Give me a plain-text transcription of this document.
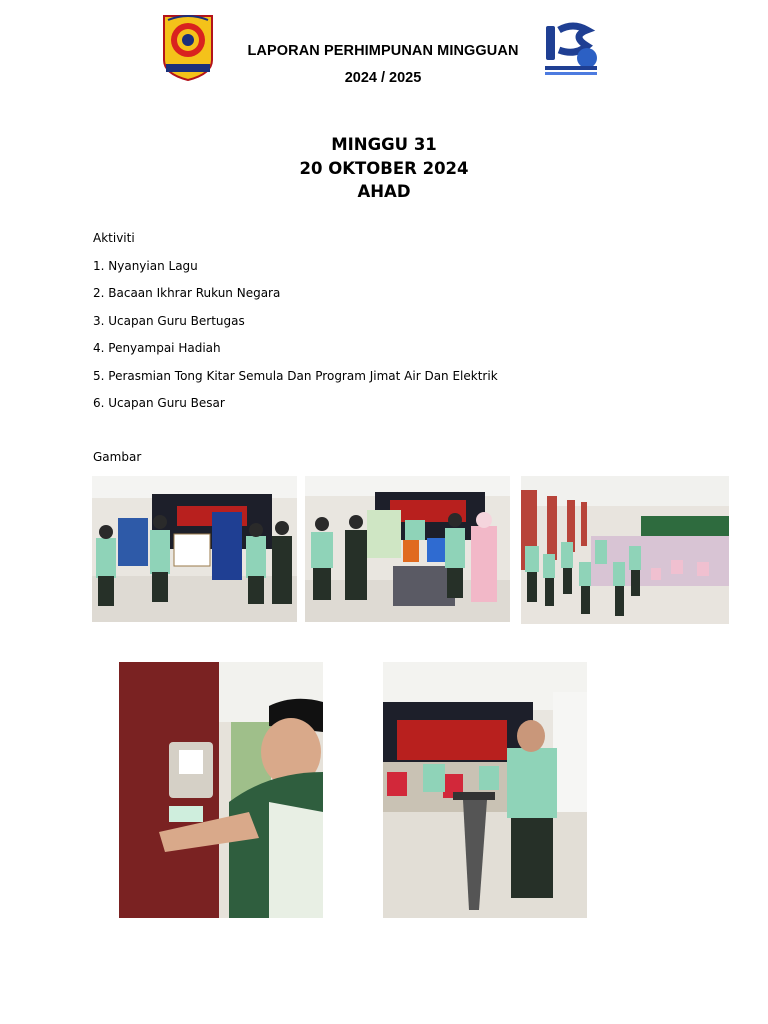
LAPORAN PERHIMPUNAN MINGGUAN
2024 / 2025
MINGGU 31
20 OKTOBER 2024
AHAD
Aktiviti
1. Nyanyian Lagu
2. Bacaan Ikhrar Rukun Negara
3. Ucapan Guru Bertugas
4. Penyampai Hadiah
5. Perasmian Tong Kitar Semula Dan Program Jimat Air Dan Elektrik
6. Ucapan Guru Besar
Gambar
